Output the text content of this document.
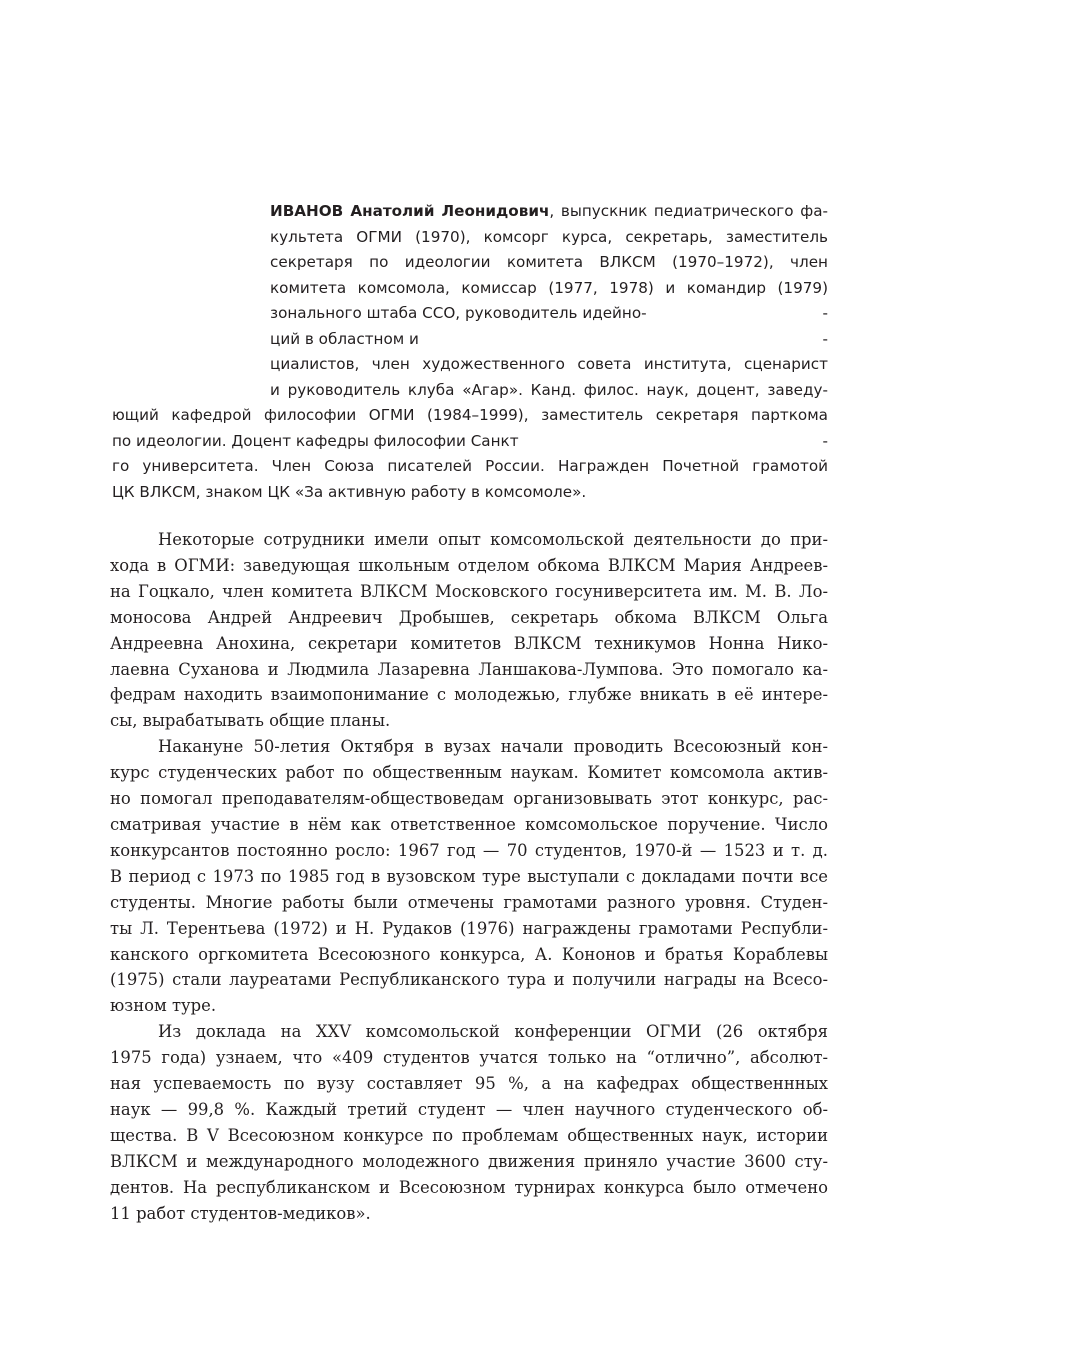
ИВАНОВ Анатолий Леонидович, выпускник педиатрического фа-
культета ОГМИ (1970), комсорг курса, секретарь, заместитель
секретаря по идеологии комитета ВЛКСМ (1970–1972), член
комитета комсомола, комиссар (1977, 1978) и командир (1979)
зонального штаба ССО, руководитель идейно-	-
ций в областном и	-
циалистов, член художественного совета института, сценарист
и руководитель клуба «Агар». Канд. филос. наук, доцент, заведу-
ющий кафедрой философии ОГМИ (1984–1999), заместитель секретаря парткома
по идеологии. Доцент кафедры философии Санкт	-
го университета. Член Союза писателей России. Награжден Почетной грамотой
ЦК ВЛКСМ, знаком ЦК «За активную работу в комсомоле».
Некоторые сотрудники имели опыт комсомольской деятельности до при-
хода в ОГМИ: заведующая школьным отделом обкома ВЛКСМ Мария Андреев-
на Гоцкало, член комитета ВЛКСМ Московского госуниверситета им. М. В. Ло-
моносова Андрей Андреевич Дробышев, секретарь обкома ВЛКСМ Ольга
Андреевна Анохина, секретари комитетов ВЛКСМ техникумов Нонна Нико-
лаевна Суханова и Людмила Лазаревна Ланшакова-Лумпова. Это помогало ка-
федрам находить взаимопонимание с молодежью, глубже вникать в её интере-
сы, вырабатывать общие планы.
Накануне 50-летия Октября в вузах начали проводить Всесоюзный кон-
курс студенческих работ по общественным наукам. Комитет комсомола актив-
но помогал преподавателям-обществоведам организовывать этот конкурс, рас-
сматривая участие в нём как ответственное комсомольское поручение. Число
конкурсантов постоянно росло: 1967 год — 70 студентов, 1970-й — 1523 и т. д.
В период с 1973 по 1985 год в вузовском туре выступали с докладами почти все
студенты. Многие работы были отмечены грамотами разного уровня. Студен-
ты Л. Терентьева (1972) и Н. Рудаков (1976) награждены грамотами Республи-
канского оргкомитета Всесоюзного конкурса, А. Кононов и братья Кораблевы
(1975) стали лауреатами Республиканского тура и получили награды на Всесо-
юзном туре.
Из доклада на XXV комсомольской конференции ОГМИ (26 октября
1975 года) узнаем, что «409 студентов учатся только на “отлично”, абсолют-
ная успеваемость по вузу составляет 95 %, а на кафедрах общественнных
наук — 99,8 %. Каждый третий студент — член научного студенческого об-
щества. В V Всесоюзном конкурсе по проблемам общественных наук, истории
ВЛКСМ и международного молодежного движения приняло участие 3600 сту-
дентов. На республиканском и Всесоюзном турнирах конкурса было отмечено
11 работ студентов-медиков».
